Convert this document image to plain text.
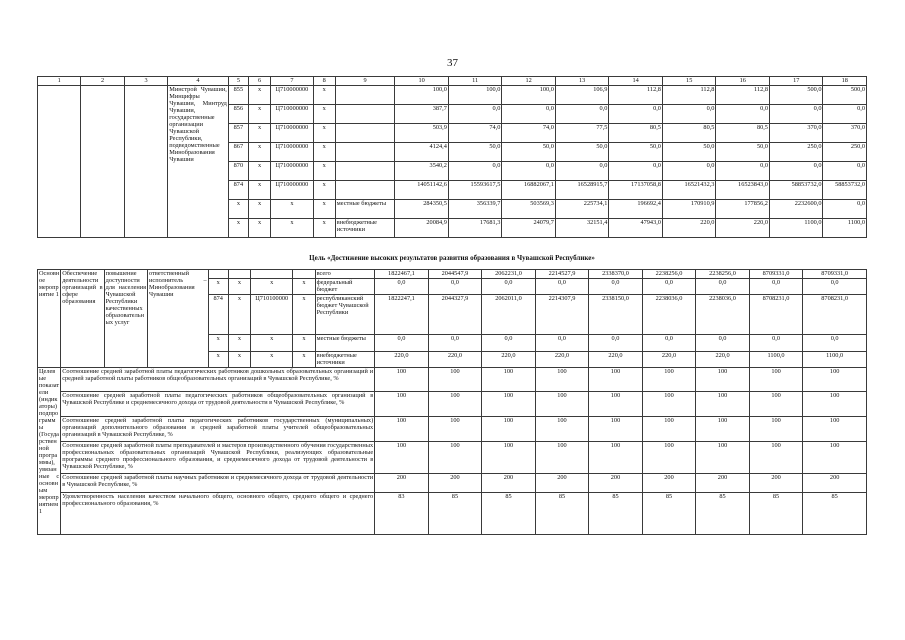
37
1	2	3	4	5	6	7	8	9	10	11	12	13	14	15	16	17	18
			Минстрой Чувашии, Минцифры Чувашии, Минтруд Чувашии, государственные организации Чувашской Республики, подведомственные Минобразования Чувашии	855	x	Ц710000000	x		100,0	100,0	100,0	106,9	112,8	112,8	112,8	500,0	500,0
				856	x	Ц710000000	x		387,7	0,0	0,0	0,0	0,0	0,0	0,0	0,0	0,0
				857	x	Ц710000000	x		503,9	74,0	74,0	77,5	80,5	80,5	80,5	370,0	370,0
				867	x	Ц710000000	x		4124,4	50,0	50,0	50,0	50,0	50,0	50,0	250,0	250,0
				870	x	Ц710000000	x		3540,2	0,0	0,0	0,0	0,0	0,0	0,0	0,0	0,0
				874	x	Ц710000000	x		14051142,6	15593617,5	16882067,1	16528915,7	17137058,8	16521432,3	16523843,0	58853732,0	58853732,0
				x	x	x	x	местные бюджеты	284350,5	356339,7	503569,3	225734,1	196692,4	170910,9	177856,2	2232600,0	0,0
				x	x	x	x	внебюджетные источники	20084,9	17681,3	24079,7	32151,4	47943,0	220,0	220,0	1100,0	1100,0
Цель «Достижение высоких результатов развития образования в Чувашской Республике»
Основное мероприятие 1	Обеспечение деятельности организаций в сфере образования	повышение доступности для населения Чувашской Республики качественных образовательных услуг	ответственный исполнитель – Минобразования Чувашии					всего	1822467,1	2044547,9	2062231,0	2214527,9	2338370,0	2238256,0	2238256,0	8709331,0	8709331,0
				x	x	x	x	федеральный бюджет	0,0	0,0	0,0	0,0	0,0	0,0	0,0	0,0	0,0
				874	x	Ц710100000	x	республиканский бюджет Чувашской Республики	1822247,1	2044327,9	2062011,0	2214307,9	2338150,0	2238036,0	2238036,0	8708231,0	8708231,0
				x	x	x	x	местные бюджеты	0,0	0,0	0,0	0,0	0,0	0,0	0,0	0,0	0,0
				x	x	x	x	внебюджетные источники	220,0	220,0	220,0	220,0	220,0	220,0	220,0	1100,0	1100,0
Целевые показатели (индикаторы) подпрограммы (Государственной программы), увязанные с основным мероприятием 1	Соотношение средней заработной платы педагогических работников дошкольных образовательных организаций и средней заработной платы работников общеобразовательных организаций в Чувашской Республике, %								100	100	100	100	100	100	100	100	100
	Соотношение средней заработной платы педагогических работников общеобразовательных организаций в Чувашской Республике и среднемесячного дохода от трудовой деятельности в Чувашской Республике, %								100	100	100	100	100	100	100	100	100
	Соотношение средней заработной платы педагогических работников государственных (муниципальных) организаций дополнительного образования и средней заработной платы учителей общеобразовательных организаций в Чувашской Республике, %								100	100	100	100	100	100	100	100	100
	Соотношение средней заработной платы преподавателей и мастеров производственного обучения государственных профессиональных образовательных организаций Чувашской Республики, реализующих образовательные программы среднего профессионального образования, и среднемесячного дохода от трудовой деятельности в Чувашской Республике, %								100	100	100	100	100	100	100	100	100
	Соотношение средней заработной платы научных работников и среднемесячного дохода от трудовой деятельности в Чувашской Республике, %								200	200	200	200	200	200	200	200	200
	Удовлетворенность населения качеством начального общего, основного общего, среднего общего и среднего профессионального образования, %								83	85	85	85	85	85	85	85	85
